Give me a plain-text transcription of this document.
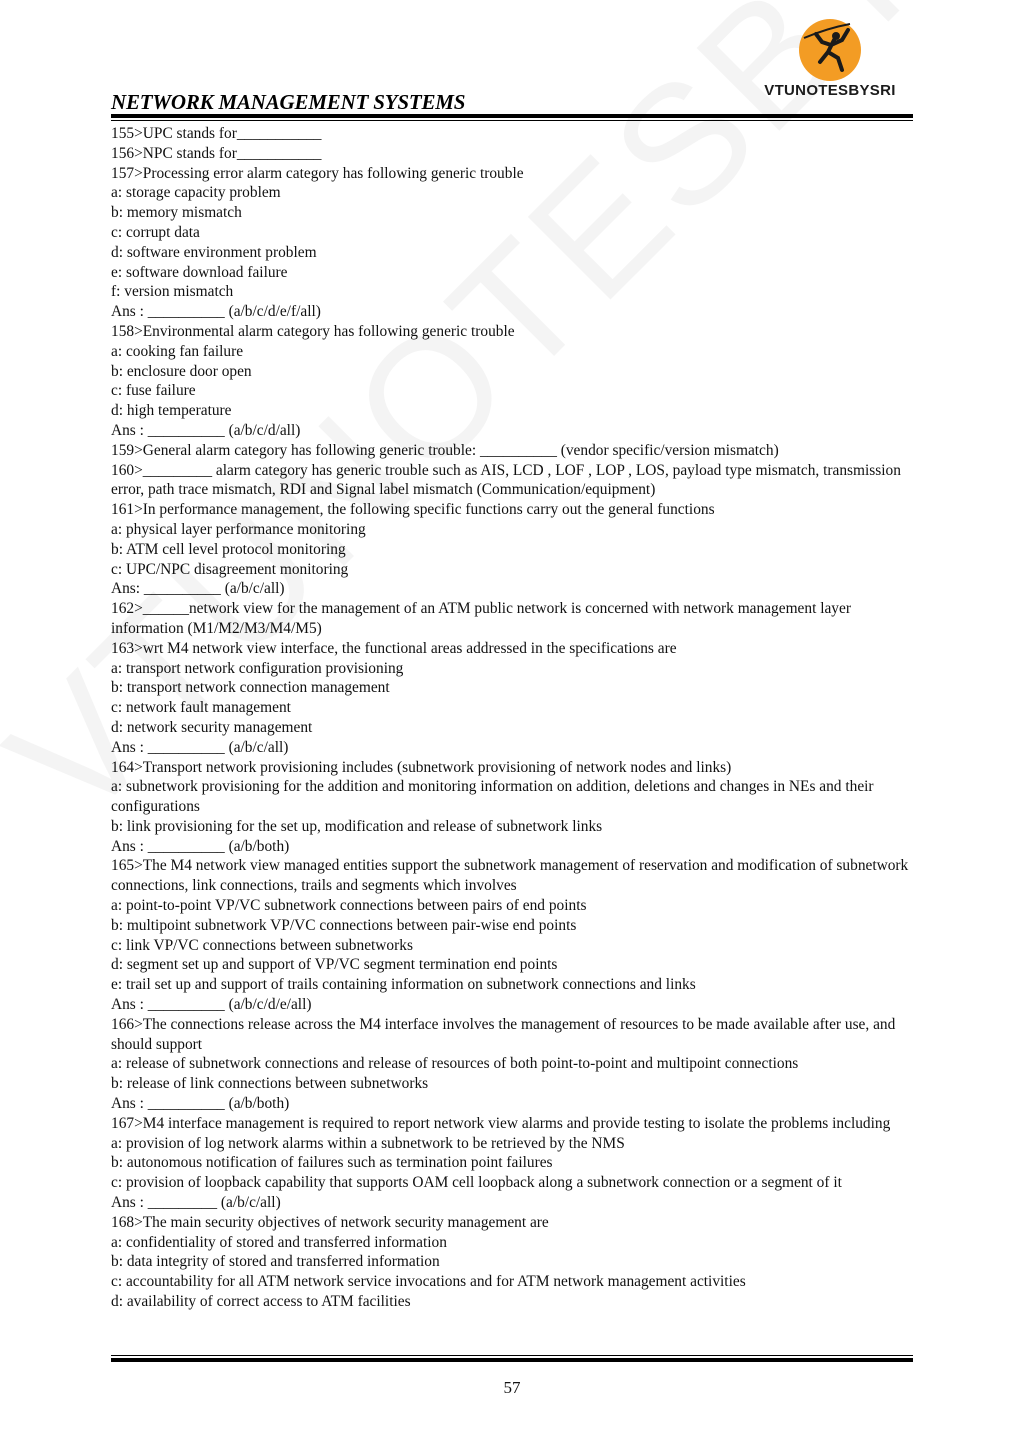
VTUNOTESBYSRI
NETWORK MANAGEMENT SYSTEMS
155>UPC stands for___________
156>NPC stands for___________
157>Processing error alarm category has following generic trouble
a: storage capacity problem
b: memory mismatch
c: corrupt data
d: software environment problem
e: software download failure
f: version mismatch
Ans : __________ (a/b/c/d/e/f/all)
158>Environmental alarm category has following generic trouble
a: cooking fan failure
b: enclosure door open
c: fuse failure
d: high temperature
Ans : __________ (a/b/c/d/all)
159>General alarm category has following generic trouble: __________ (vendor specific/version mismatch)
160>_________ alarm category has generic trouble such as AIS, LCD , LOF , LOP , LOS, payload type mismatch, transmission error, path trace mismatch, RDI and Signal label mismatch (Communication/equipment)
161>In performance management, the following specific functions carry out the general functions
a: physical layer performance monitoring
b: ATM cell level protocol monitoring
c: UPC/NPC disagreement monitoring
Ans: __________ (a/b/c/all)
162>______network view for the management of an ATM public network is concerned with network management layer information (M1/M2/M3/M4/M5)
163>wrt M4 network view interface, the functional areas addressed in the specifications are
a: transport network configuration provisioning
b: transport network connection management
c: network fault management
d: network security management
Ans : __________ (a/b/c/all)
164>Transport network provisioning includes (subnetwork provisioning of network nodes and links)
a: subnetwork provisioning for the addition and monitoring information on addition, deletions and changes in NEs and their configurations
b: link provisioning for the set up, modification and release of subnetwork links
Ans : __________ (a/b/both)
165>The M4 network view managed entities support the subnetwork management of reservation and modification of subnetwork connections, link connections, trails and segments which involves
a: point-to-point VP/VC subnetwork connections between pairs of end points
b: multipoint subnetwork VP/VC connections between pair-wise end points
c: link VP/VC connections between subnetworks
d: segment set up and support of VP/VC segment termination end points
e: trail set up and support of trails containing information on subnetwork connections and links
Ans : __________ (a/b/c/d/e/all)
166>The connections release across the M4 interface involves the management of resources to be made available after use, and should support
a: release of subnetwork connections and release of resources of both point-to-point and multipoint connections
b: release of link connections between subnetworks
Ans : __________ (a/b/both)
167>M4 interface management is required to report network view alarms and provide testing to isolate the problems including
a: provision of log network alarms within a subnetwork to be retrieved by the NMS
b: autonomous notification of failures such as termination point failures
c: provision of loopback capability that supports OAM cell loopback along a subnetwork connection or a segment of it
Ans : _________ (a/b/c/all)
168>The main security objectives of network security management are
a: confidentiality of stored and transferred information
b: data integrity of stored and transferred information
c: accountability for all ATM network service invocations and for ATM network management activities
d: availability of correct access to ATM facilities
57
